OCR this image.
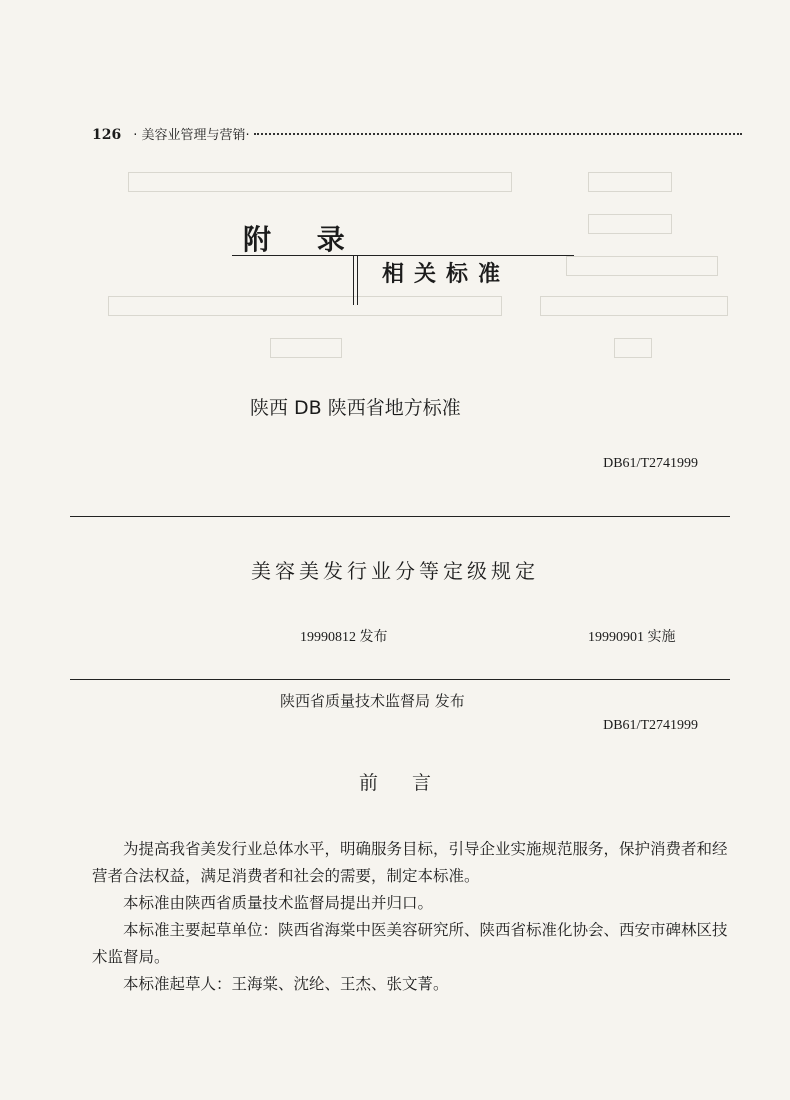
126 · 美容业管理与营销·
附 录
相关标准
陕西 DB 陕西省地方标准
DB61/T2741999
美容美发行业分等定级规定
19990812 发布	19990901 实施
陕西省质量技术监督局 发布
DB61/T2741999
前言

为提高我省美发行业总体水平，明确服务目标，引导企业实施规范服务，保护消费者和经营者合法权益，满足消费者和社会的需要，制定本标准。

本标准由陕西省质量技术监督局提出并归口。

本标准主要起草单位：陕西省海棠中医美容研究所、陕西省标准化协会、西安市碑林区技术监督局。

本标准起草人：王海棠、沈纶、王杰、张文菁。
